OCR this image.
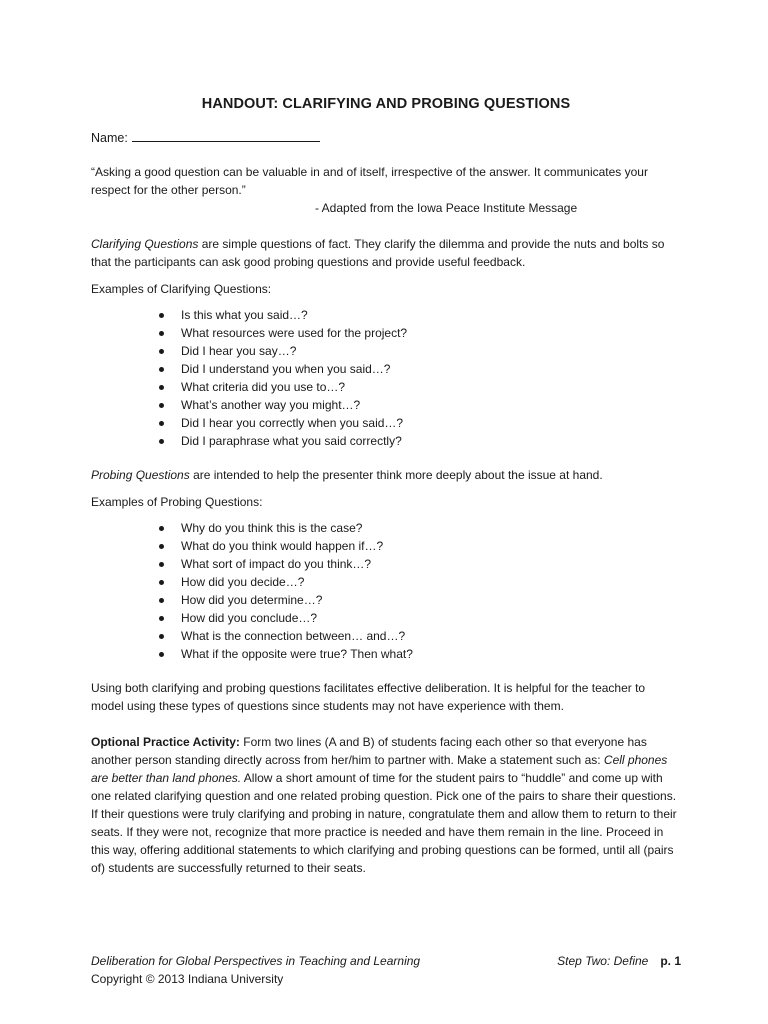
HANDOUT: CLARIFYING AND PROBING QUESTIONS
Name:

“Asking a good question can be valuable in and of itself, irrespective of the answer. It communicates your respect for the other person.”

- Adapted from the Iowa Peace Institute Message

Clarifying Questions are simple questions of fact. They clarify the dilemma and provide the nuts and bolts so that the participants can ask good probing questions and provide useful feedback.

Examples of Clarifying Questions:

Is this what you said…?
What resources were used for the project?
Did I hear you say…?
Did I understand you when you said…?
What criteria did you use to…?
What’s another way you might…?
Did I hear you correctly when you said…?
Did I paraphrase what you said correctly?

Probing Questions are intended to help the presenter think more deeply about the issue at hand.

Examples of Probing Questions:

Why do you think this is the case?
What do you think would happen if…?
What sort of impact do you think…?
How did you decide…?
How did you determine…?
How did you conclude…?
What is the connection between… and…?
What if the opposite were true? Then what?

Using both clarifying and probing questions facilitates effective deliberation. It is helpful for the teacher to model using these types of questions since students may not have experience with them.

Optional Practice Activity: Form two lines (A and B) of students facing each other so that everyone has another person standing directly across from her/him to partner with. Make a statement such as: Cell phones are better than land phones. Allow a short amount of time for the student pairs to “huddle” and come up with one related clarifying question and one related probing question. Pick one of the pairs to share their questions. If their questions were truly clarifying and probing in nature, congratulate them and allow them to return to their seats. If they were not, recognize that more practice is needed and have them remain in the line. Proceed in this way, offering additional statements to which clarifying and probing questions can be formed, until all (pairs of) students are successfully returned to their seats.

Deliberation for Global Perspectives in Teaching and Learning	Step Two: Define p. 1
Copyright © 2013 Indiana University
